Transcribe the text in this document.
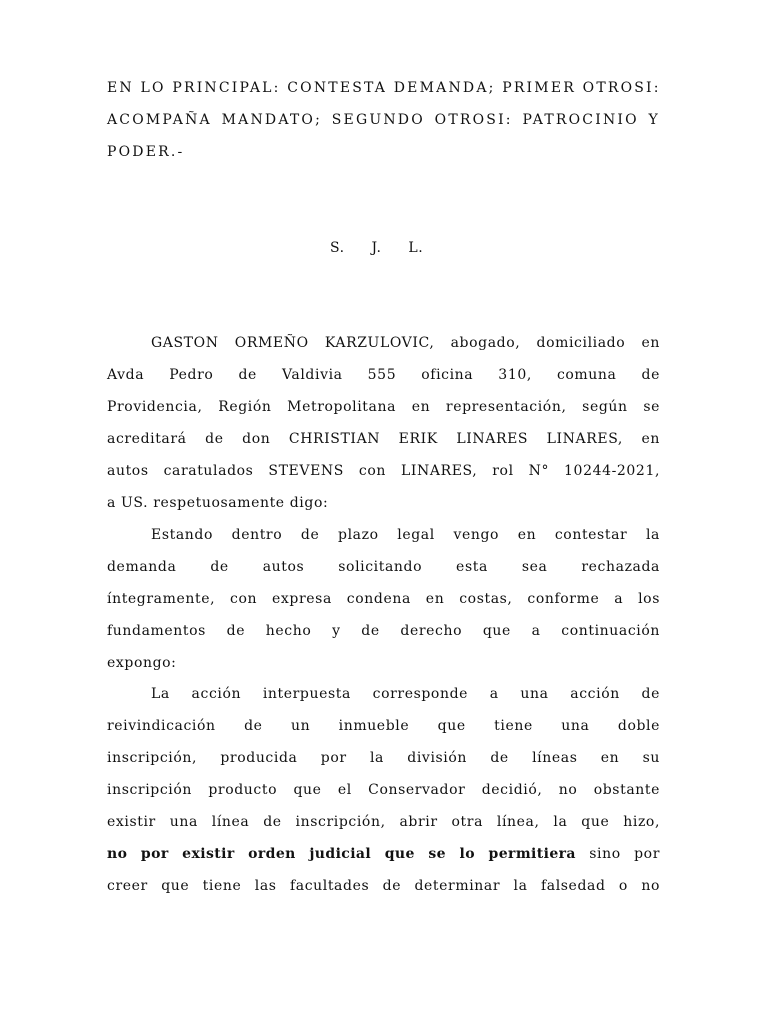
EN LO PRINCIPAL: CONTESTA DEMANDA; PRIMER OTROSI:
ACOMPAÑA MANDATO; SEGUNDO OTROSI: PATROCINIO Y
PODER.-
S. J. L.
GASTON ORMEÑO KARZULOVIC, abogado, domiciliado en
Avda Pedro de Valdivia 555 oficina 310, comuna de
Providencia, Región Metropolitana en representación, según se
acreditará de don CHRISTIAN ERIK LINARES LINARES, en
autos caratulados STEVENS con LINARES, rol N° 10244-2021,
a US. respetuosamente digo:
Estando dentro de plazo legal vengo en contestar la
demanda de autos solicitando esta sea rechazada
íntegramente, con expresa condena en costas, conforme a los
fundamentos de hecho y de derecho que a continuación
expongo:
La acción interpuesta corresponde a una acción de
reivindicación de un inmueble que tiene una doble
inscripción, producida por la división de líneas en su
inscripción producto que el Conservador decidió, no obstante
existir una línea de inscripción, abrir otra línea, la que hizo,
no por existir orden judicial que se lo permitiera sino por
creer que tiene las facultades de determinar la falsedad o no
